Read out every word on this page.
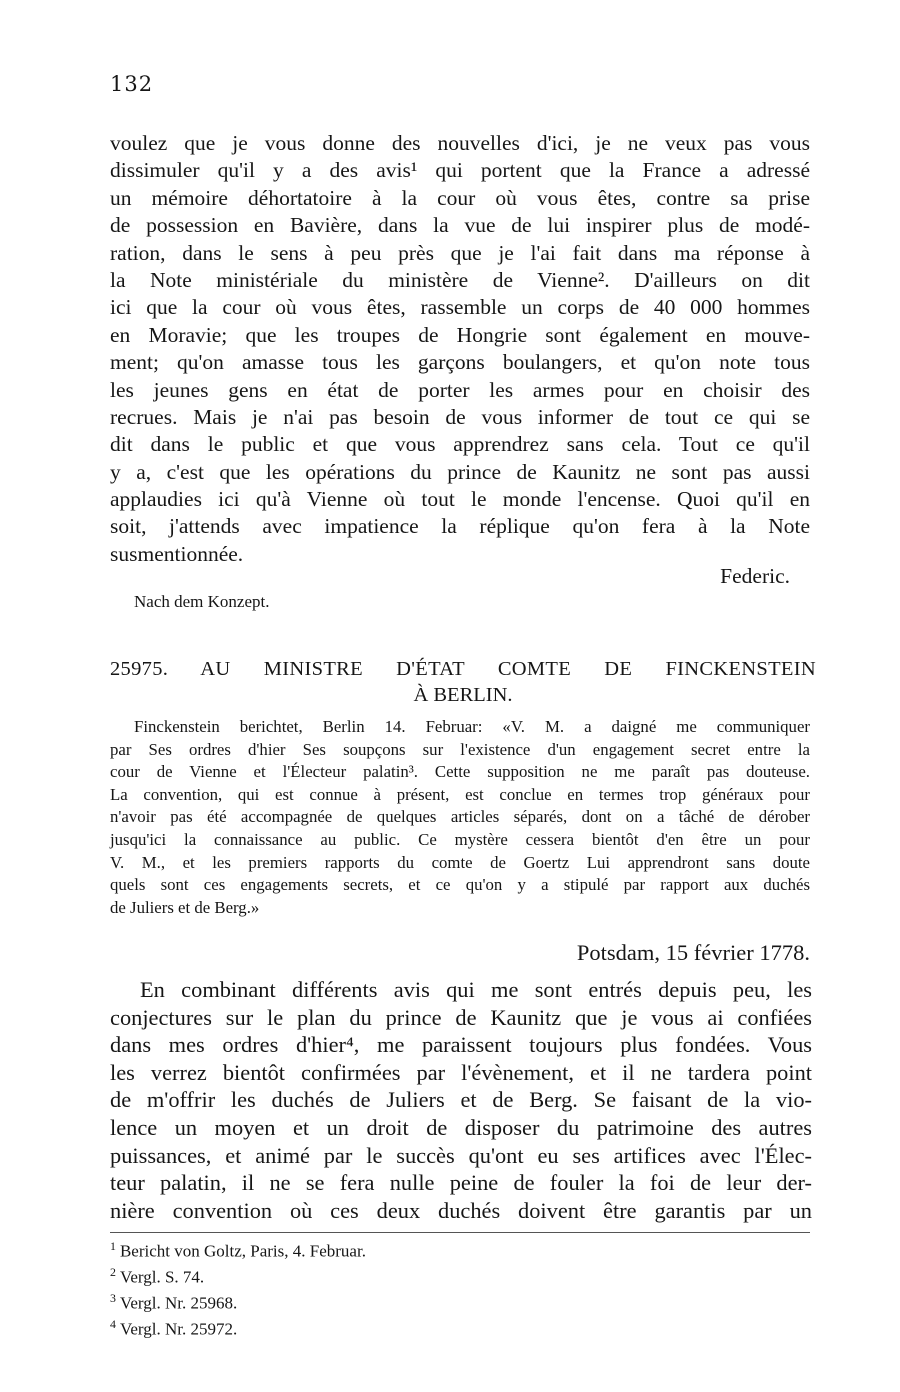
132
voulez que je vous donne des nouvelles d'ici, je ne veux pas vous
dissimuler qu'il y a des avis¹ qui portent que la France a adressé
un mémoire déhortatoire à la cour où vous êtes, contre sa prise
de possession en Bavière, dans la vue de lui inspirer plus de modé-
ration, dans le sens à peu près que je l'ai fait dans ma réponse à
la Note ministériale du ministère de Vienne². D'ailleurs on dit
ici que la cour où vous êtes, rassemble un corps de 40 000 hommes
en Moravie; que les troupes de Hongrie sont également en mouve-
ment; qu'on amasse tous les garçons boulangers, et qu'on note tous
les jeunes gens en état de porter les armes pour en choisir des
recrues. Mais je n'ai pas besoin de vous informer de tout ce qui se
dit dans le public et que vous apprendrez sans cela. Tout ce qu'il
y a, c'est que les opérations du prince de Kaunitz ne sont pas aussi
applaudies ici qu'à Vienne où tout le monde l'encense. Quoi qu'il en
soit, j'attends avec impatience la réplique qu'on fera à la Note
susmentionnée.
Federic.
Nach dem Konzept.
25975. AU MINISTRE D'ÉTAT COMTE DE FINCKENSTEIN
À BERLIN.
Finckenstein berichtet, Berlin 14. Februar: «V. M. a daigné me communiquer
par Ses ordres d'hier Ses soupçons sur l'existence d'un engagement secret entre la
cour de Vienne et l'Électeur palatin³. Cette supposition ne me paraît pas douteuse.
La convention, qui est connue à présent, est conclue en termes trop généraux pour
n'avoir pas été accompagnée de quelques articles séparés, dont on a tâché de dérober
jusqu'ici la connaissance au public. Ce mystère cessera bientôt d'en être un pour
V. M., et les premiers rapports du comte de Goertz Lui apprendront sans doute
quels sont ces engagements secrets, et ce qu'on y a stipulé par rapport aux duchés
de Juliers et de Berg.»
Potsdam, 15 février 1778.
En combinant différents avis qui me sont entrés depuis peu, les
conjectures sur le plan du prince de Kaunitz que je vous ai confiées
dans mes ordres d'hier⁴, me paraissent toujours plus fondées. Vous
les verrez bientôt confirmées par l'évènement, et il ne tardera point
de m'offrir les duchés de Juliers et de Berg. Se faisant de la vio-
lence un moyen et un droit de disposer du patrimoine des autres
puissances, et animé par le succès qu'ont eu ses artifices avec l'Élec-
teur palatin, il ne se fera nulle peine de fouler la foi de leur der-
nière convention où ces deux duchés doivent être garantis par un
$^1$ Bericht von Goltz, Paris, 4. Februar.
$^2$ Vergl. S. 74.
$^3$ Vergl. Nr. 25968.
$^4$ Vergl. Nr. 25972.
